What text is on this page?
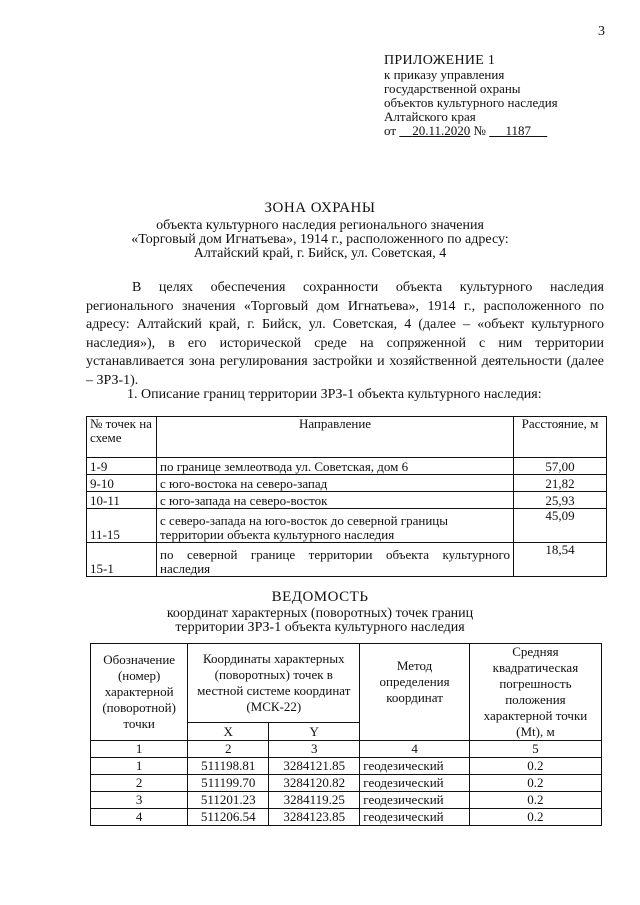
3
ПРИЛОЖЕНИЕ 1
к приказу управления
государственной охраны
объектов культурного наследия
Алтайского края
от 20.11.2020 № 1187
ЗОНА ОХРАНЫ
объекта культурного наследия регионального значения
«Торговый дом Игнатьева», 1914 г., расположенного по адресу:
Алтайский край, г. Бийск, ул. Советская, 4
В целях обеспечения сохранности объекта культурного наследия регионального значения «Торговый дом Игнатьева», 1914 г., расположенного по адресу: Алтайский край, г. Бийск, ул. Советская, 4 (далее – «объект культурного наследия»), в его исторической среде на сопряженной с ним территории устанавливается зона регулирования застройки и хозяйственной деятельности (далее – ЗРЗ-1).
1. Описание границ территории ЗРЗ-1 объекта культурного наследия:
№ точек на схеме	Направление	Расстояние, м
1-9	по границе землеотвода ул. Советская, дом 6	57,00
9-10	с юго-востока на северо-запад	21,82
10-11	с юго-запада на северо-восток	25,93
11-15	с северо-запада на юго-восток до северной границы территории объекта культурного наследия	45,09
15-1	по северной границе территории объекта культурного наследия	18,54
ВЕДОМОСТЬ
координат характерных (поворотных) точек границ
территории ЗРЗ-1 объекта культурного наследия
Обозначение (номер) характерной (поворотной) точки	Координаты характерных (поворотных) точек в местной системе координат (МСК-22)		Метод определения координат	Средняя квадратическая погрешность положения характерной точки (Mt), м
	X	Y		
1	2	3	4	5
1	511198.81	3284121.85	геодезический	0.2
2	511199.70	3284120.82	геодезический	0.2
3	511201.23	3284119.25	геодезический	0.2
4	511206.54	3284123.85	геодезический	0.2
